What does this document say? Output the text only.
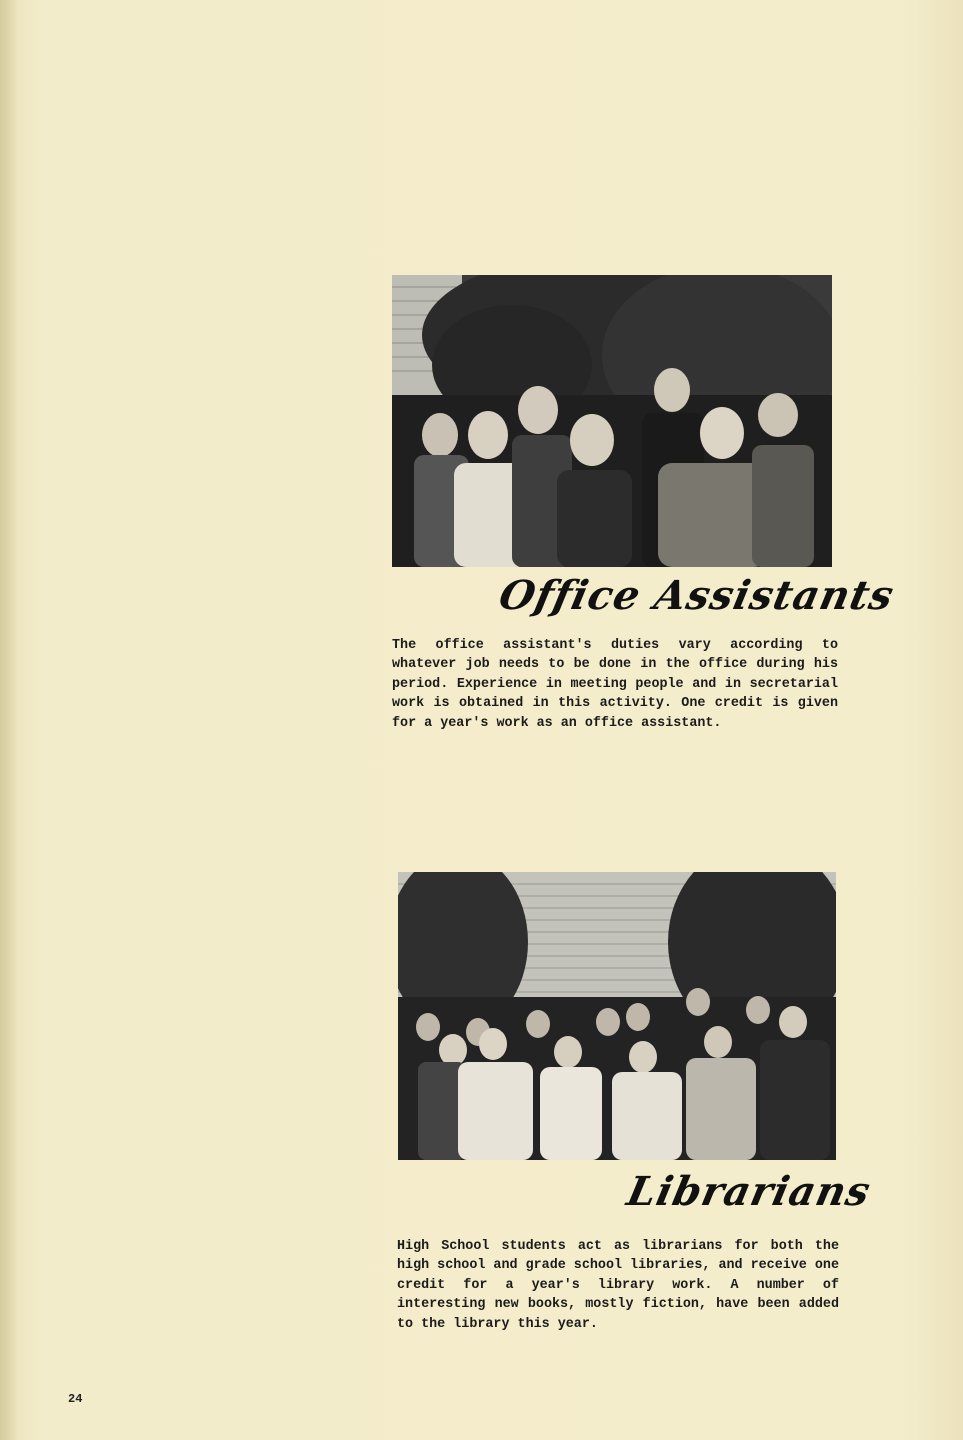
Office Assistants
The office assistant's duties vary according to whatever job needs to be done in the office during his period. Experience in meeting people and in secretarial work is obtained in this activity. One credit is given for a year's work as an office assistant.
Librarians
High School students act as librarians for both the high school and grade school libraries, and receive one credit for a year's library work. A number of interesting new books, mostly fiction, have been added to the library this year.
24
